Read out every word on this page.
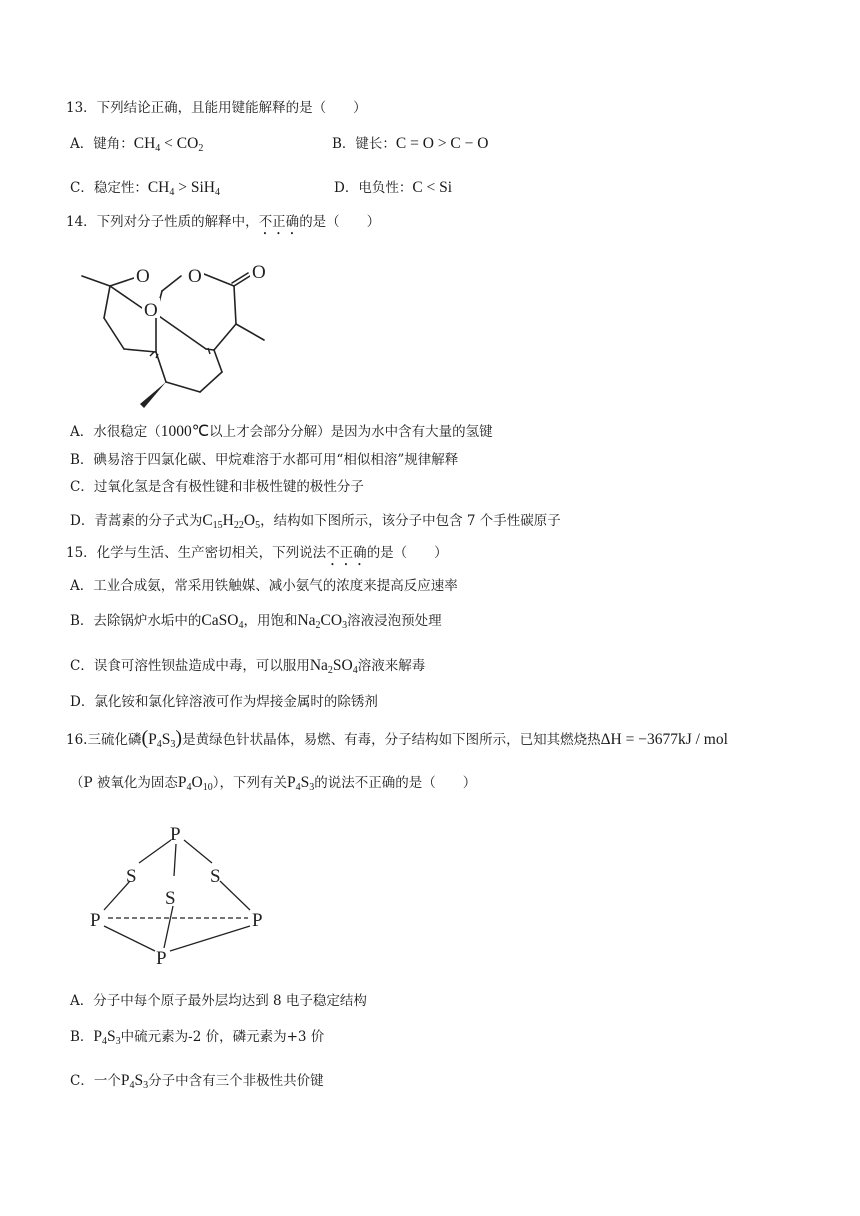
13．下列结论正确，且能用键能解释的是（　　）
A．键角：$CH_4 < CO_2$	B．键长：C = O > C − O
C．稳定性：$CH_4 > SiH_4$	D．电负性：C < Si
14．下列对分子性质的解释中，不正确的是（　　）
O
O
O	O
A．水很稳定（1000℃以上才会部分分解）是因为水中含有大量的氢键
B．碘易溶于四氯化碳、甲烷难溶于水都可用“相似相溶”规律解释
C．过氧化氢是含有极性键和非极性键的极性分子
D．青蒿素的分子式为$C_{15}H_{22}O_5$，结构如下图所示，该分子中包含 7 个手性碳原子
15．化学与生活、生产密切相关，下列说法不正确的是（　　）
A．工业合成氨，常采用铁触媒、减小氨气的浓度来提高反应速率
B．去除锅炉水垢中的CaSO$_4$，用饱和$Na_2CO_3$溶液浸泡预处理
C．误食可溶性钡盐造成中毒，可以服用$Na_2SO_4$溶液来解毒
D．氯化铵和氯化锌溶液可作为焊接金属时的除锈剂
16.三硫化磷$(P_4S_3)$是黄绿色针状晶体，易燃、有毒，分子结构如下图所示，已知其燃烧热ΔH = −3677kJ / mol
（P 被氧化为固态$P_4O_{10}$），下列有关$P_4S_3$的说法不正确的是（　　）
P
S	S
S
P	P
P
A．分子中每个原子最外层均达到 8 电子稳定结构
B．$P_4S_3$中硫元素为-2 价，磷元素为+3 价
C．一个$P_4S_3$分子中含有三个非极性共价键
